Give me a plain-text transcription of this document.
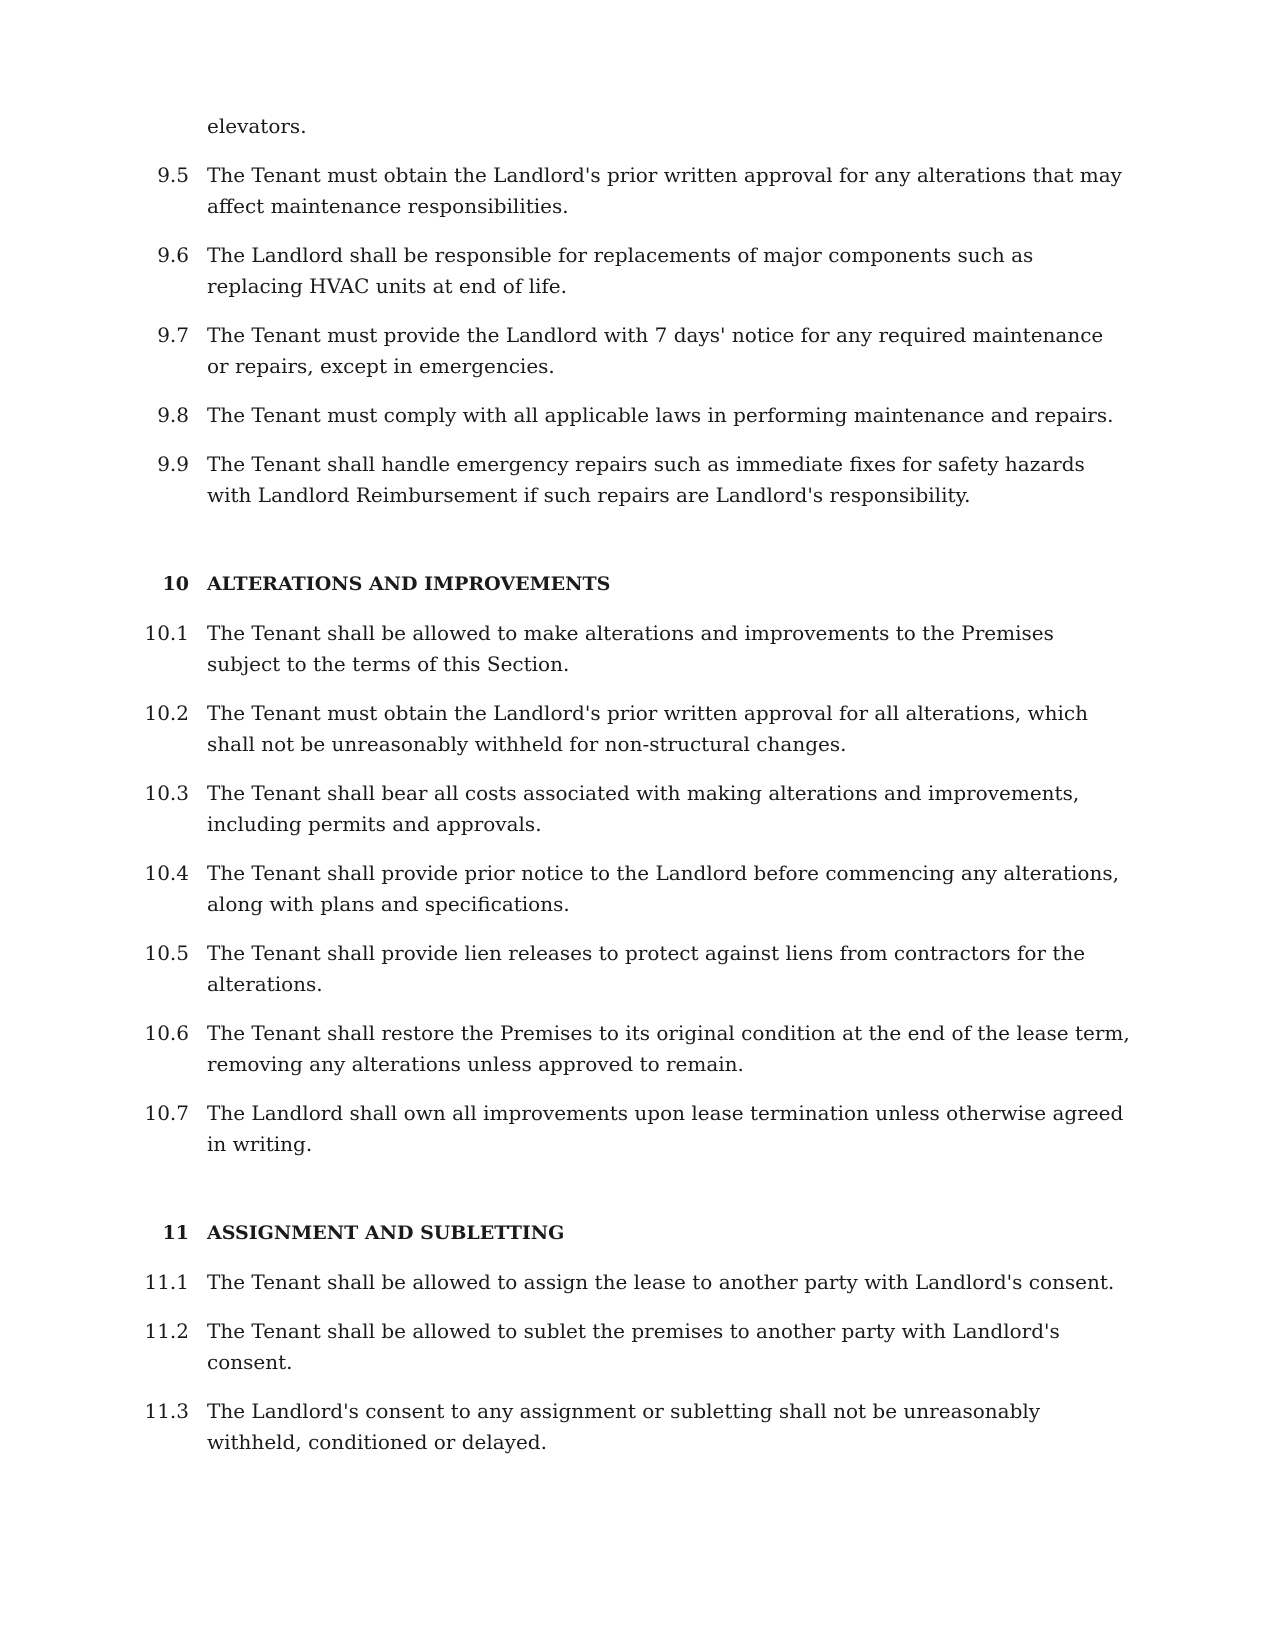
elevators.
9.5 The Tenant must obtain the Landlord's prior written approval for any alterations that may affect maintenance responsibilities.
9.6 The Landlord shall be responsible for replacements of major components such as replacing HVAC units at end of life.
9.7 The Tenant must provide the Landlord with 7 days' notice for any required maintenance or repairs, except in emergencies.
9.8 The Tenant must comply with all applicable laws in performing maintenance and repairs.
9.9 The Tenant shall handle emergency repairs such as immediate fixes for safety hazards with Landlord Reimbursement if such repairs are Landlord's responsibility.
10 ALTERATIONS AND IMPROVEMENTS
10.1 The Tenant shall be allowed to make alterations and improvements to the Premises subject to the terms of this Section.
10.2 The Tenant must obtain the Landlord's prior written approval for all alterations, which shall not be unreasonably withheld for non-structural changes.
10.3 The Tenant shall bear all costs associated with making alterations and improvements, including permits and approvals.
10.4 The Tenant shall provide prior notice to the Landlord before commencing any alterations, along with plans and specifications.
10.5 The Tenant shall provide lien releases to protect against liens from contractors for the alterations.
10.6 The Tenant shall restore the Premises to its original condition at the end of the lease term, removing any alterations unless approved to remain.
10.7 The Landlord shall own all improvements upon lease termination unless otherwise agreed in writing.
11 ASSIGNMENT AND SUBLETTING
11.1 The Tenant shall be allowed to assign the lease to another party with Landlord's consent.
11.2 The Tenant shall be allowed to sublet the premises to another party with Landlord's consent.
11.3 The Landlord's consent to any assignment or subletting shall not be unreasonably withheld, conditioned or delayed.
